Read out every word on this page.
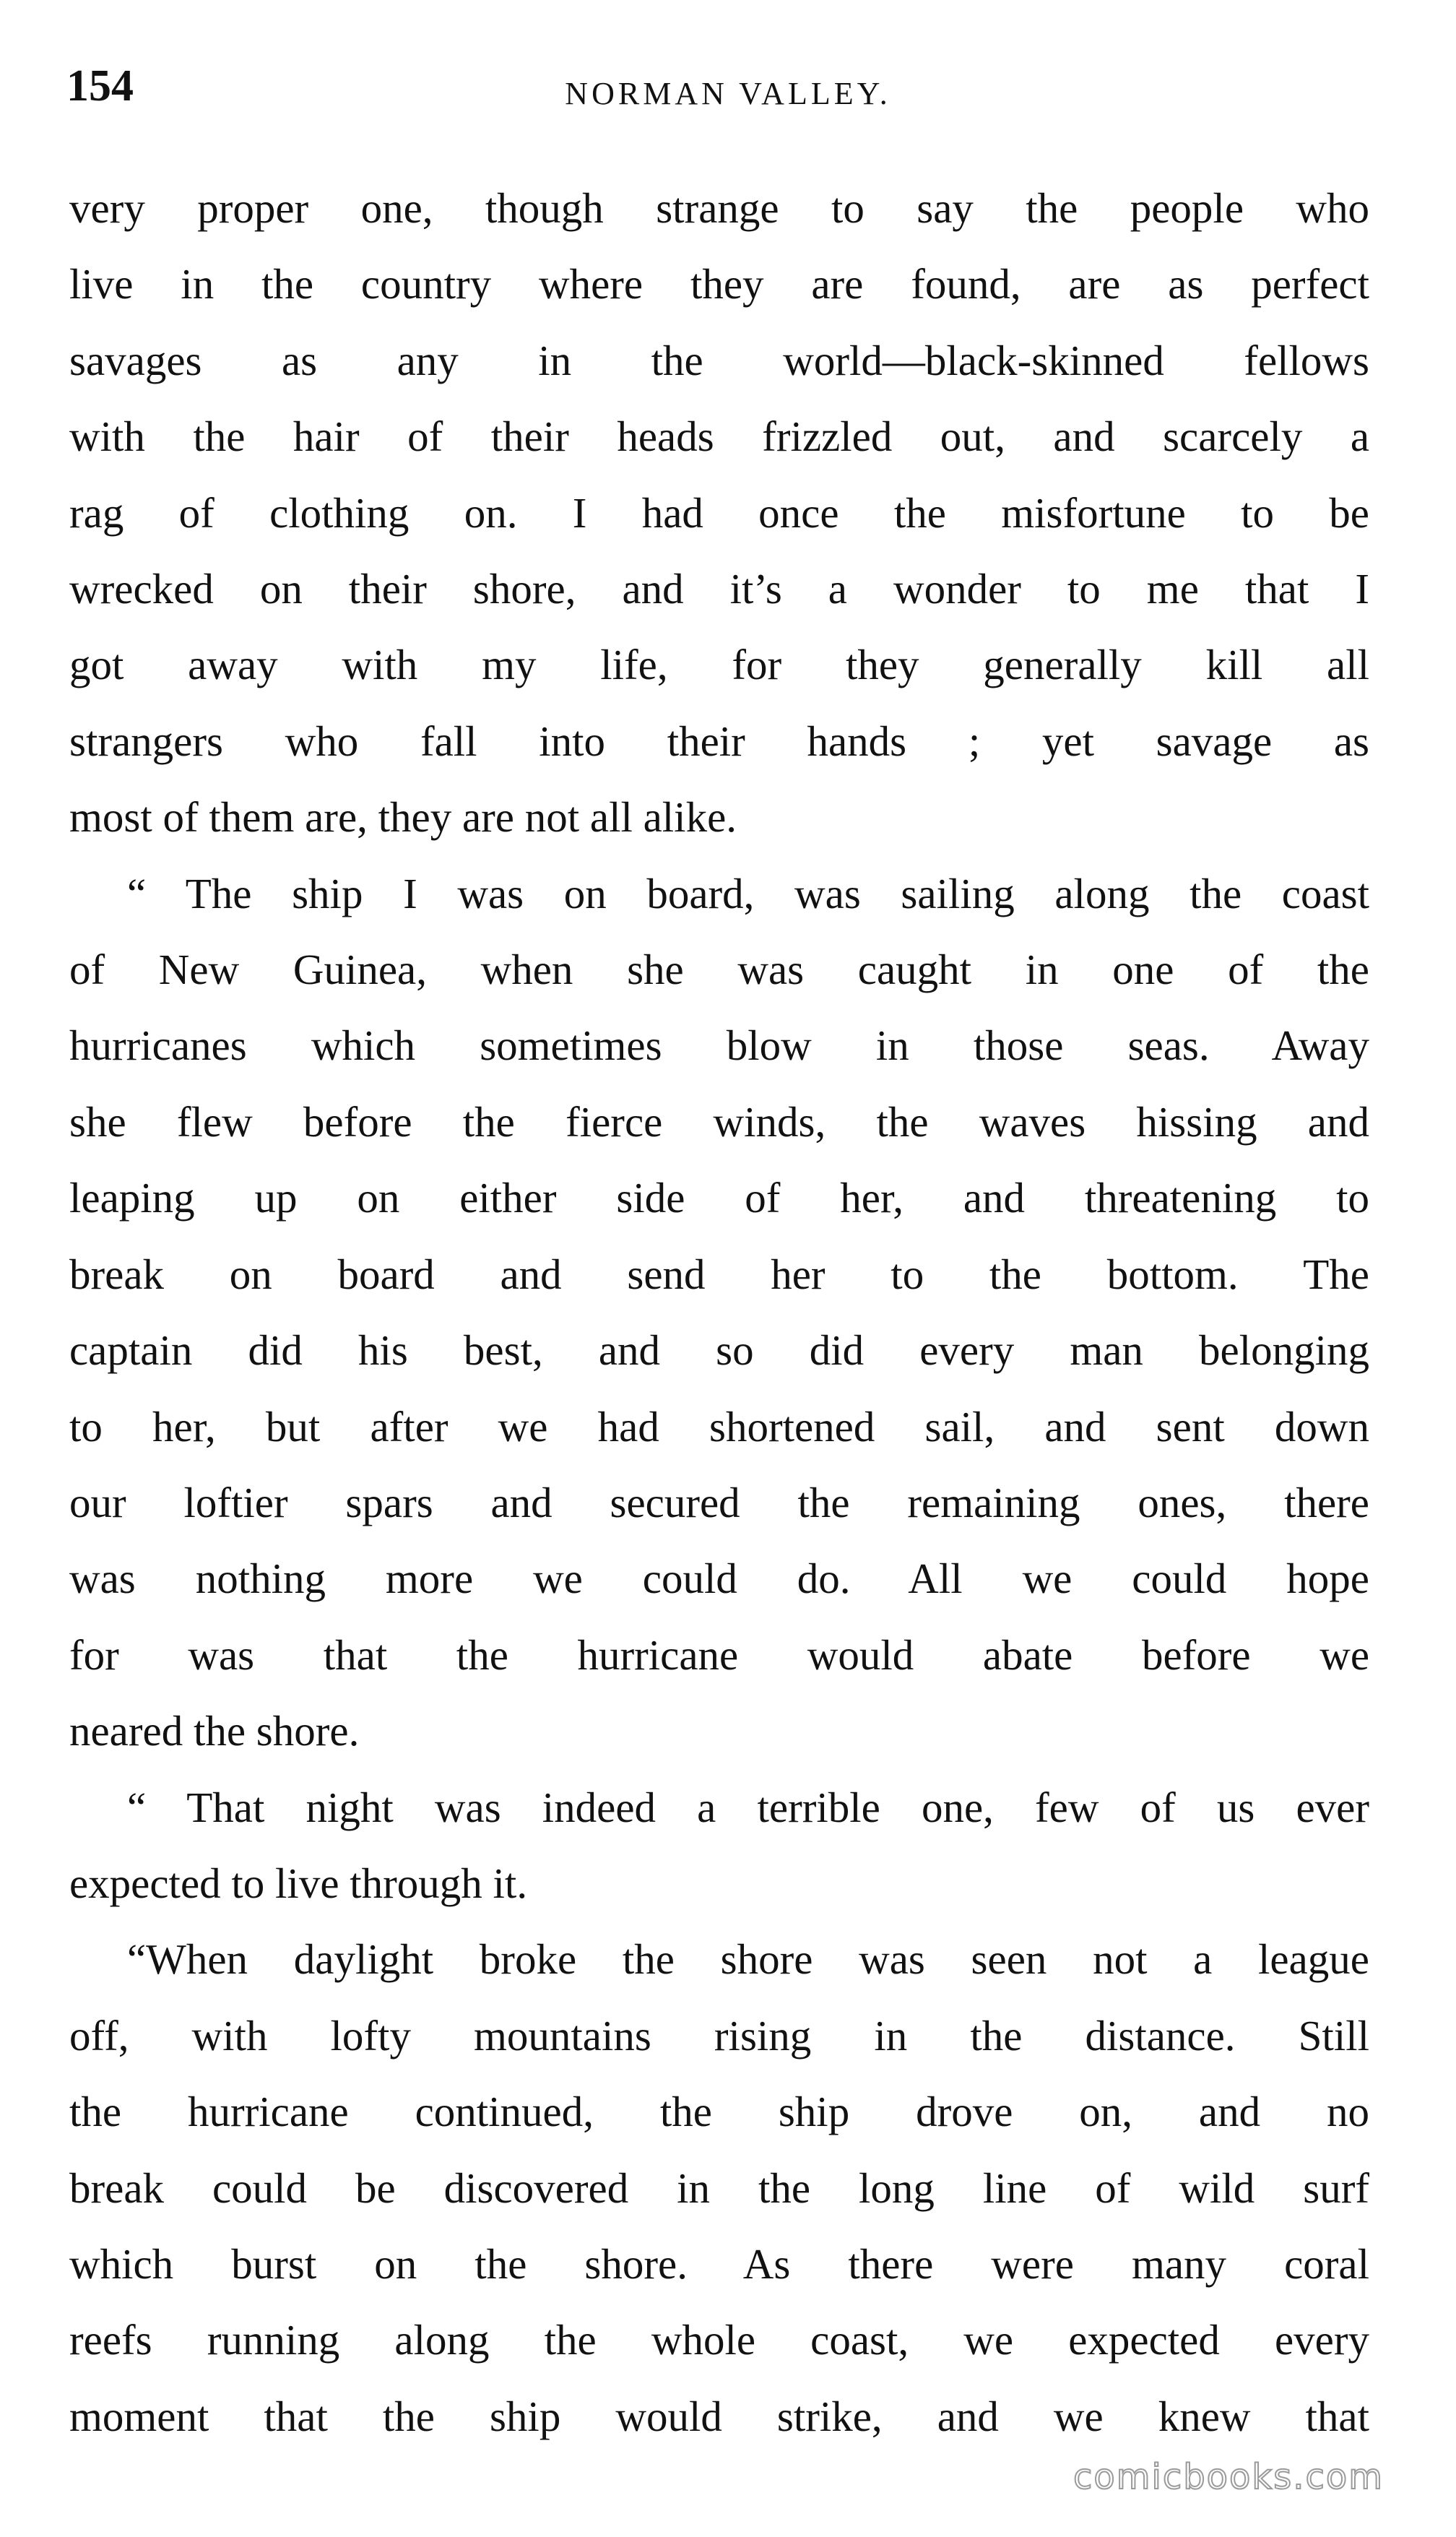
154	NORMAN VALLEY.
very proper one, though strange to say the people who
live in the country where they are found, are as perfect
savages as any in the world—black-skinned fellows
with the hair of their heads frizzled out, and scarcely a
rag of clothing on. I had once the misfortune to be
wrecked on their shore, and it’s a wonder to me that I
got away with my life, for they generally kill all
strangers who fall into their hands ; yet savage as
most of them are, they are not all alike.
“ The ship I was on board, was sailing along the coast
of New Guinea, when she was caught in one of the
hurricanes which sometimes blow in those seas. Away
she flew before the fierce winds, the waves hissing and
leaping up on either side of her, and threatening to
break on board and send her to the bottom. The
captain did his best, and so did every man belonging
to her, but after we had shortened sail, and sent down
our loftier spars and secured the remaining ones, there
was nothing more we could do. All we could hope
for was that the hurricane would abate before we
neared the shore.
“ That night was indeed a terrible one, few of us ever
expected to live through it.
“When daylight broke the shore was seen not a league
off, with lofty mountains rising in the distance. Still
the hurricane continued, the ship drove on, and no
break could be discovered in the long line of wild surf
which burst on the shore. As there were many coral
reefs running along the whole coast, we expected every
moment that the ship would strike, and we knew that
comicbooks.com
